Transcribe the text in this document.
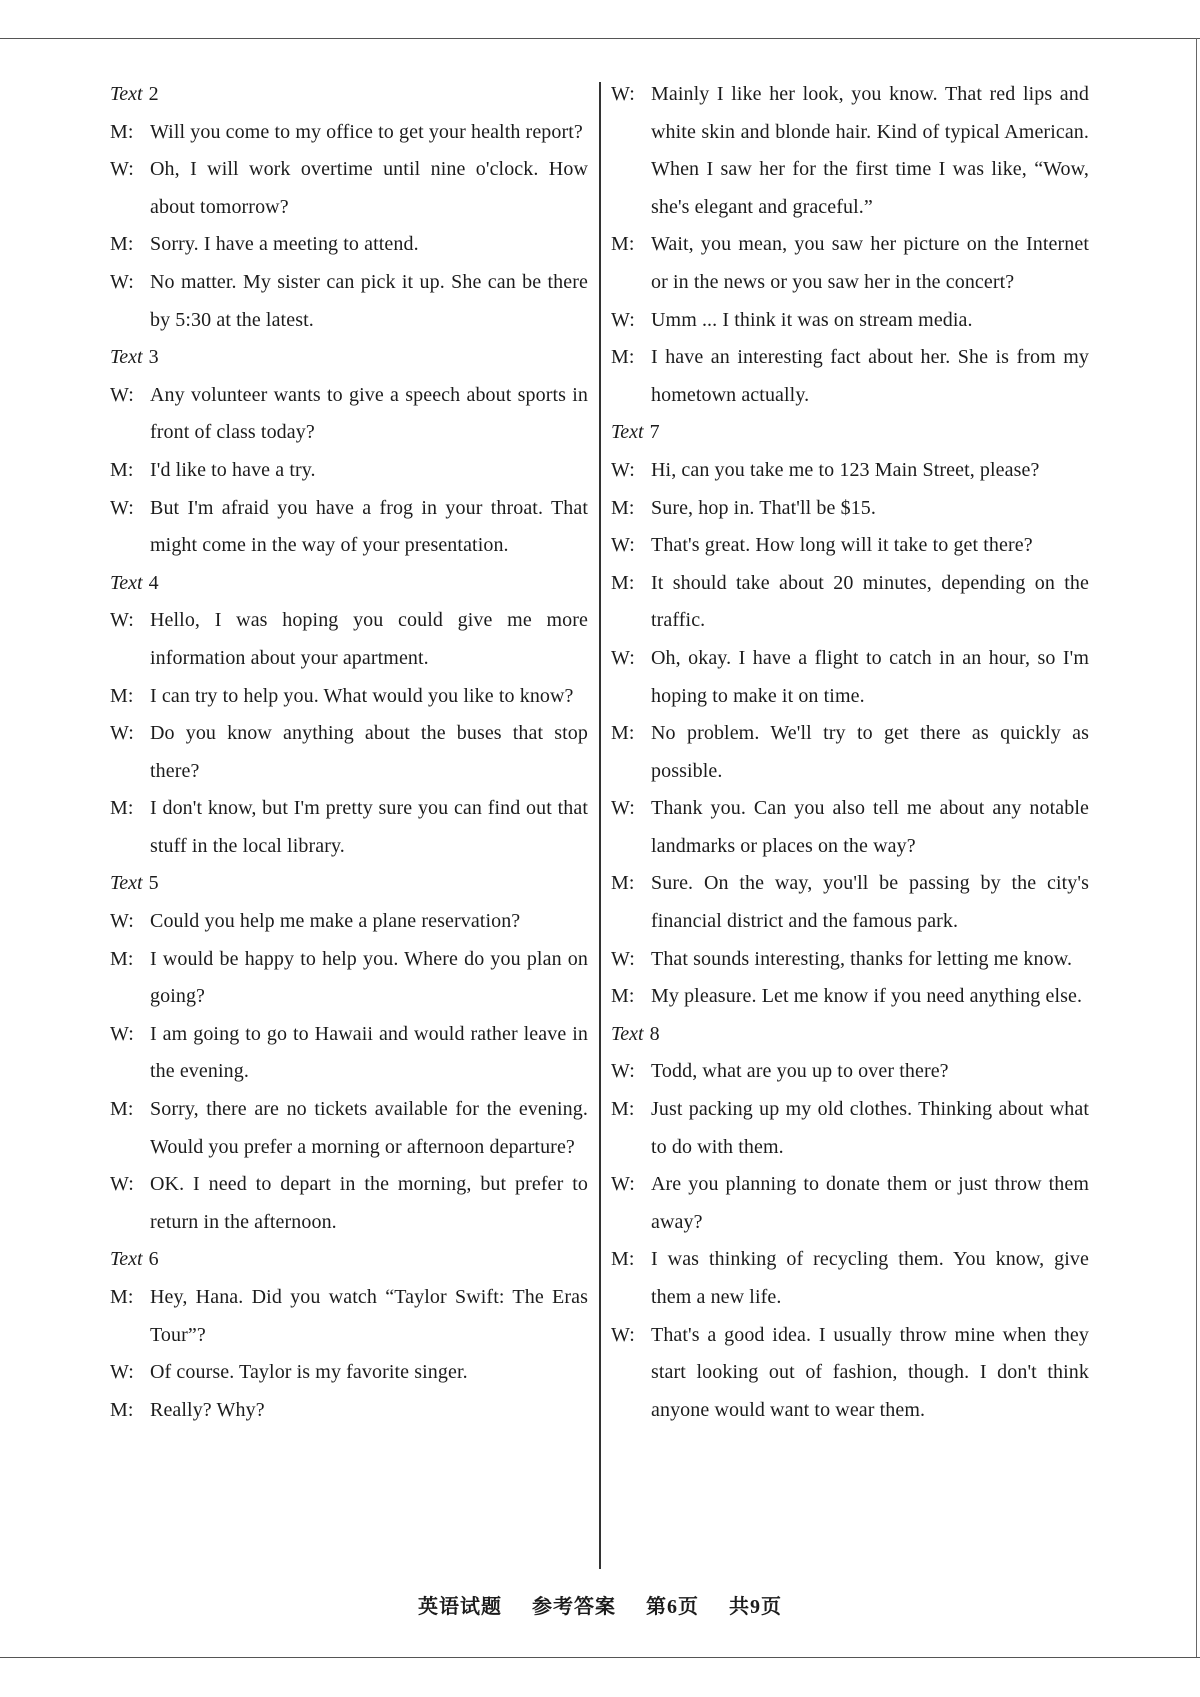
Text 2
M: Will you come to my office to get your health report?
W: Oh, I will work overtime until nine o'clock. How about tomorrow?
M: Sorry. I have a meeting to attend.
W: No matter. My sister can pick it up. She can be there by 5:30 at the latest.
Text 3
W: Any volunteer wants to give a speech about sports in front of class today?
M: I'd like to have a try.
W: But I'm afraid you have a frog in your throat. That might come in the way of your presentation.
Text 4
W: Hello, I was hoping you could give me more information about your apartment.
M: I can try to help you. What would you like to know?
W: Do you know anything about the buses that stop there?
M: I don't know, but I'm pretty sure you can find out that stuff in the local library.
Text 5
W: Could you help me make a plane reservation?
M: I would be happy to help you. Where do you plan on going?
W: I am going to go to Hawaii and would rather leave in the evening.
M: Sorry, there are no tickets available for the evening. Would you prefer a morning or afternoon departure?
W: OK. I need to depart in the morning, but prefer to return in the afternoon.
Text 6
M: Hey, Hana. Did you watch “Taylor Swift: The Eras Tour”?
W: Of course. Taylor is my favorite singer.
M: Really? Why?
W: Mainly I like her look, you know. That red lips and white skin and blonde hair. Kind of typical American. When I saw her for the first time I was like, “Wow, she's elegant and graceful.”
M: Wait, you mean, you saw her picture on the Internet or in the news or you saw her in the concert?
W: Umm ... I think it was on stream media.
M: I have an interesting fact about her. She is from my hometown actually.
Text 7
W: Hi, can you take me to 123 Main Street, please?
M: Sure, hop in. That'll be $15.
W: That's great. How long will it take to get there?
M: It should take about 20 minutes, depending on the traffic.
W: Oh, okay. I have a flight to catch in an hour, so I'm hoping to make it on time.
M: No problem. We'll try to get there as quickly as possible.
W: Thank you. Can you also tell me about any notable landmarks or places on the way?
M: Sure. On the way, you'll be passing by the city's financial district and the famous park.
W: That sounds interesting, thanks for letting me know.
M: My pleasure. Let me know if you need anything else.
Text 8
W: Todd, what are you up to over there?
M: Just packing up my old clothes. Thinking about what to do with them.
W: Are you planning to donate them or just throw them away?
M: I was thinking of recycling them. You know, give them a new life.
W: That's a good idea. I usually throw mine when they start looking out of fashion, though. I don't think anyone would want to wear them.
英语试题 参考答案 第6页 共9页
